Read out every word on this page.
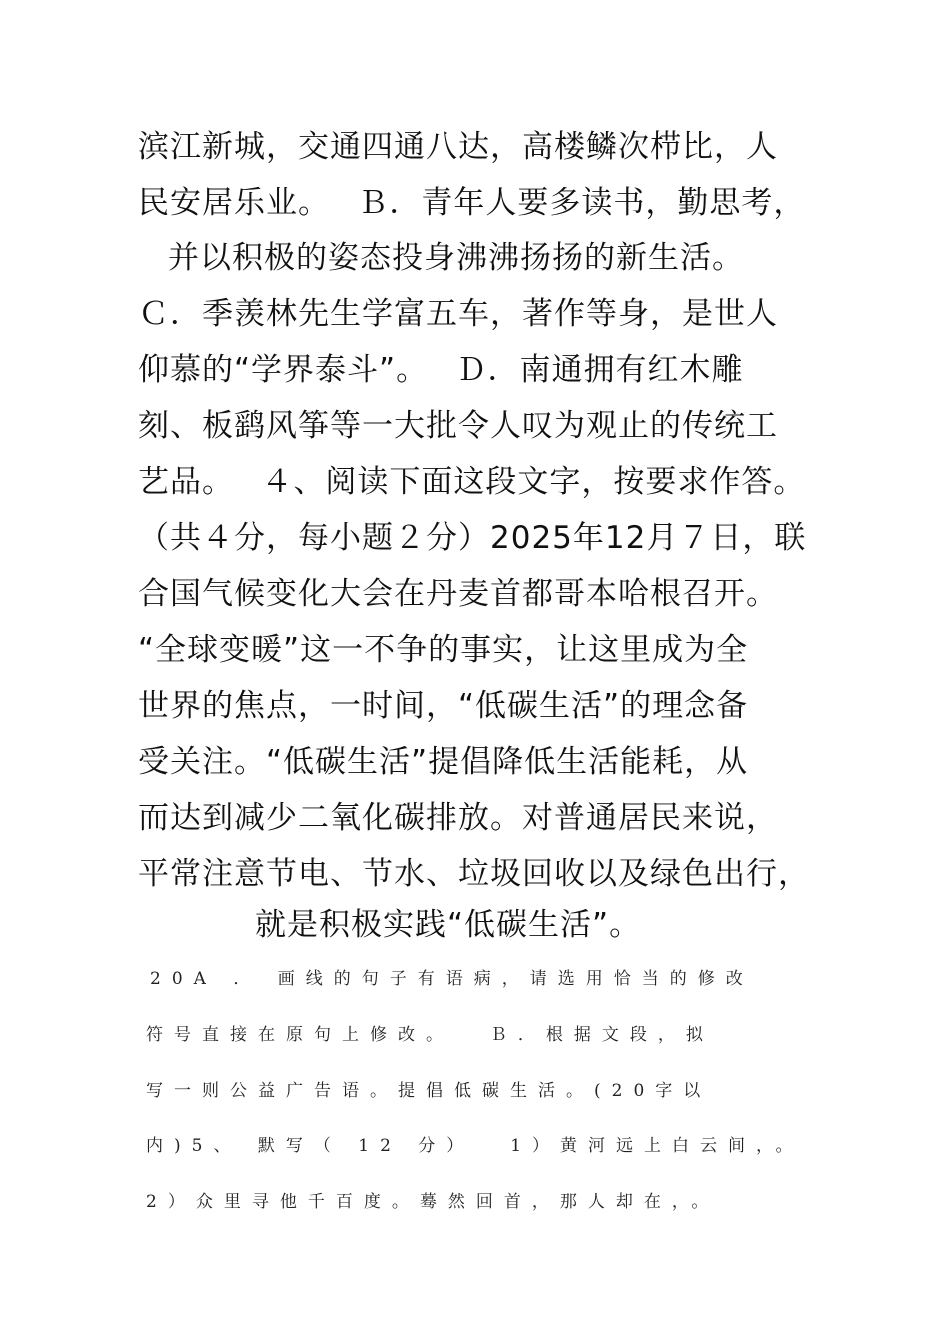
滨江新城，交通四通八达，高楼鳞次栉比，人
民安居乐业。　 Ｂ．青年人要多读书，勤思考，
并以积极的姿态投身沸沸扬扬的新生活。
Ｃ．季羡林先生学富五车，著作等身，是世人
仰慕的“学界泰斗”。　 Ｄ．南通拥有红木雕
刻、板鹞风筝等一大批令人叹为观止的传统工
艺品。　 ４、阅读下面这段文字，按要求作答。
（共４分，每小题２分）2025年12月７日，联
合国气候变化大会在丹麦首都哥本哈根召开。
“全球变暖”这一不争的事实，让这里成为全
世界的焦点，一时间，“低碳生活”的理念备
受关注。“低碳生活”提倡降低生活能耗，从
而达到减少二氧化碳排放。对普通居民来说，
平常注意节电、节水、垃圾回收以及绿色出行，
就是积极实践“低碳生活”。
20A ． 画线的句子有语病，请选用恰当的修改
符号直接在原句上修改。　 Ｂ．根据文段，拟
写一则公益广告语。提倡低碳生活。(20字以
内)5、 默写（ 12 分）　 1）黄河远上白云间，。
2）众里寻他千百度。蓦然回首，那人却在，。
